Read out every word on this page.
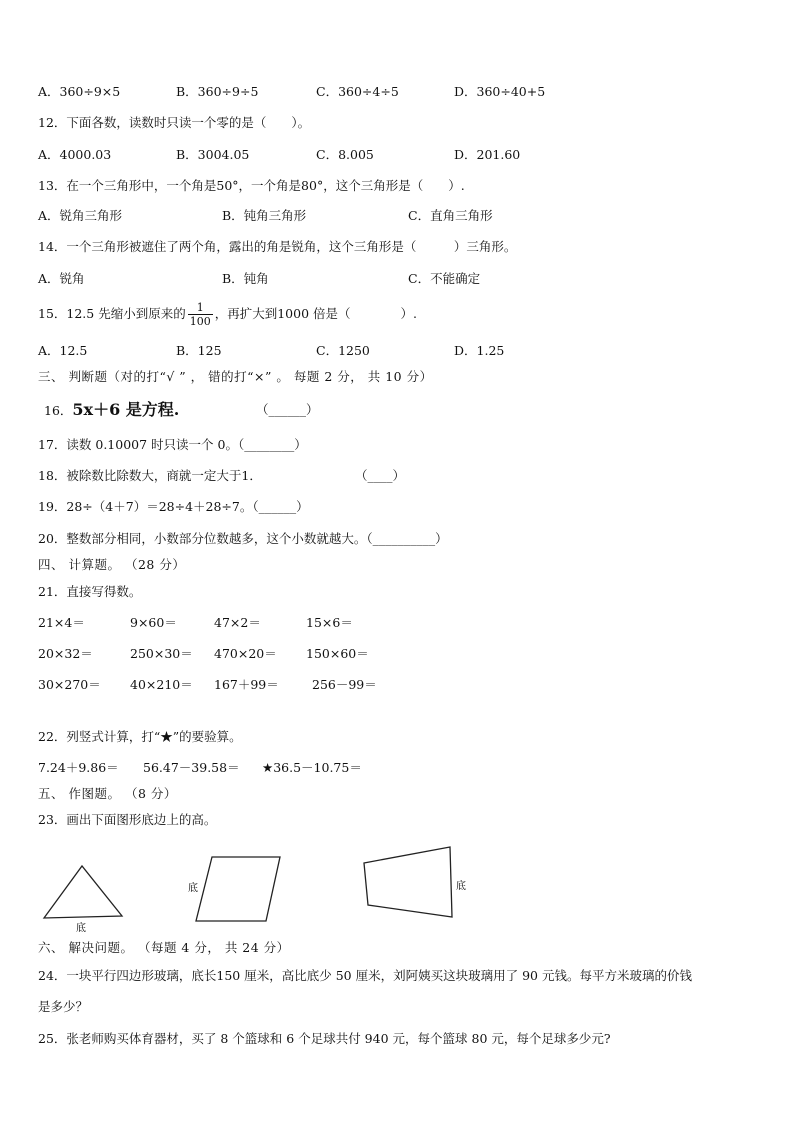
A．360÷9×5	B．360÷9÷5	C．360÷4÷5	D．360÷40+5
12．下面各数，读数时只读一个零的是（　　）。
A．4000.03	B．3004.05	C．8.005	D．201.60
13．在一个三角形中，一个角是50°，一个角是80°，这个三角形是（　　）.
A．锐角三角形	B．钝角三角形	C．直角三角形
14．一个三角形被遮住了两个角，露出的角是锐角，这个三角形是（　　　）三角形。
A．锐角	B．钝角	C．不能确定
15．12.5 先缩小到原来的 $\frac{1}{100}$ ，再扩大到1000 倍是（　　　　）.
A．12.5	B．125	C．1250	D．1.25
三、 判断题（对的打“√ ” ， 错的打“×” 。 每题 2 分， 共 10 分）
16．5x＋6 是方程.	（______）
17．读数 0.10007 时只读一个 0。（________）
18．被除数比除数大，商就一定大于1．	（____）
19．28÷（4＋7）＝28÷4＋28÷7。（______）
20．整数部分相同，小数部分位数越多，这个小数就越大。（__________）
四、 计算题。 （28 分）
21．直接写得数。
21×4＝	9×60＝	47×2＝	15×6＝
20×32＝	250×30＝ 470×20＝ 150×60＝
30×270＝ 40×210＝ 167＋99＝	256－99＝
22．列竖式计算，打“★”的要验算。
7.24＋9.86＝ 56.47－39.58＝ ★36.5－10.75＝
五、 作图题。 （8 分）
23．画出下面图形底边上的高。
底
底	底
六、 解决问题。 （每题 4 分， 共 24 分）
24．一块平行四边形玻璃，底长150 厘米，高比底少 50 厘米，刘阿姨买这块玻璃用了 90 元钱。每平方米玻璃的价钱
是多少？
25．张老师购买体育器材，买了 8 个篮球和 6 个足球共付 940 元，每个篮球 80 元，每个足球多少元?
